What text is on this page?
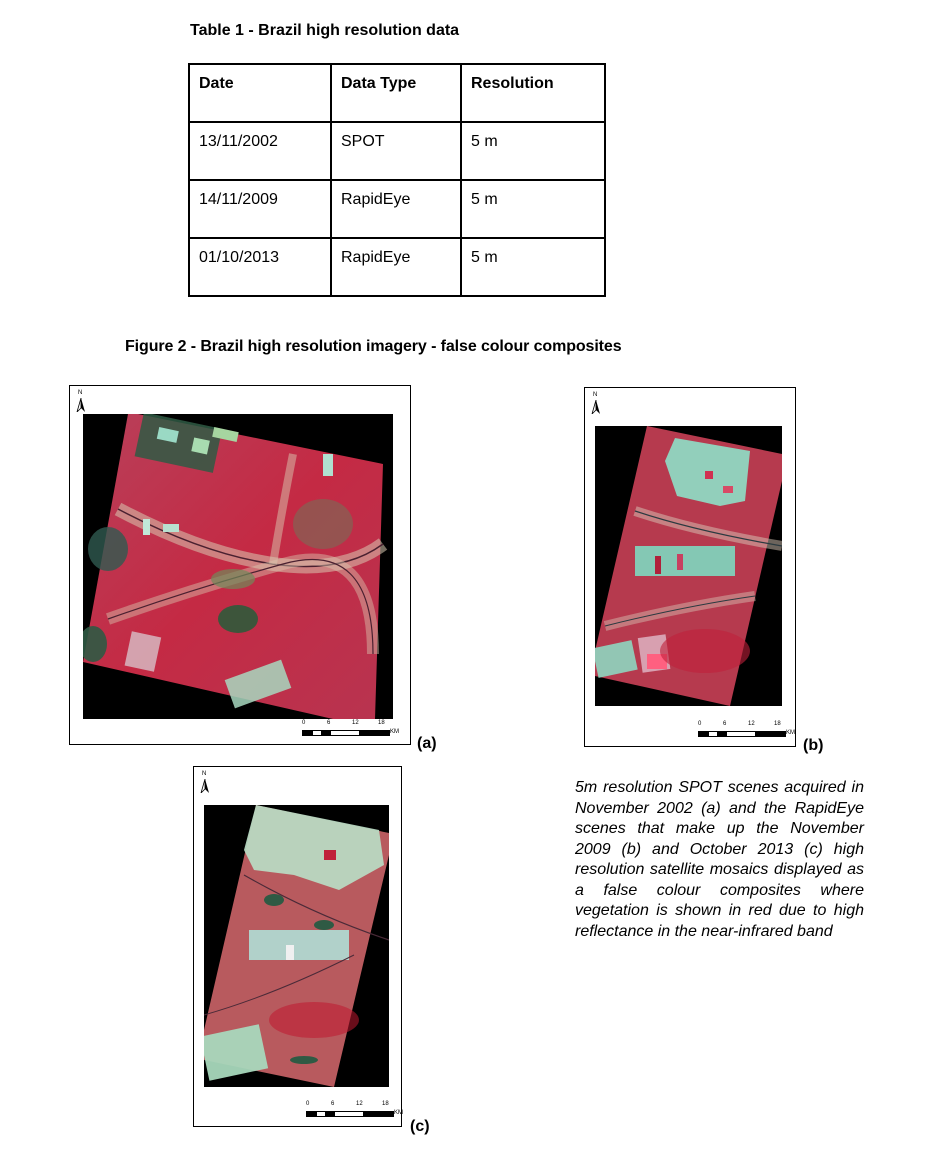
Table 1 - Brazil high resolution data
Date	Data Type	Resolution
13/11/2002	SPOT	5 m
14/11/2009	RapidEye	5 m
01/10/2013	RapidEye	5 m
Figure 2 - Brazil high resolution imagery - false colour composites
N
0	6	12	18
KM
(a)
N
0	6	12	18
KM
(b)
N
0	6	12	18
KM
(c)
5m resolution SPOT scenes acquired in November 2002 (a) and the RapidEye scenes that make up the November 2009 (b) and October 2013 (c) high resolution satellite mosaics displayed as a false colour composites where vegetation is shown in red due to high reflectance in the near-infrared band
